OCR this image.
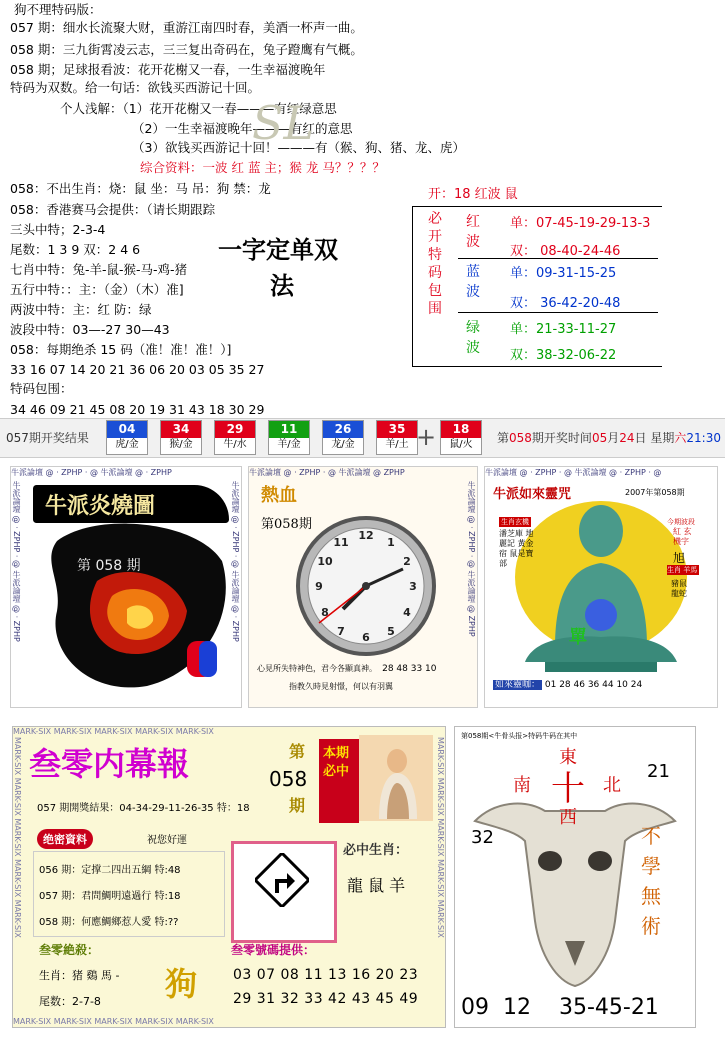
狗不理特码版：
057 期：细水长流聚大财，重游江南四时春，美酒一杯声一曲。
058 期：三九街霄凌云志，三三复出奇码在，兔子蹬鹰有气概。
058 期；足球报看波：花开花榭又一春，一生幸福渡晚年
特码为双数。给一句话：欲钱买西游记十回。
个人浅解：（1）花开花榭又一春———有红绿意思
（2）一生幸福渡晚年———有红的意思
（3）欲钱买西游记十回！———有（猴、狗、猪、龙、虎）
综合资料：一波 红 蓝 主；猴 龙 马？？？？
SL
058：不出生肖：烧：鼠 坐：马 吊：狗 禁：龙
058：香港赛马会提供：（请长期跟踪
三头中特；2-3-4
尾数：1 3 9 双：2 4 6
七肖中特：兔-羊-鼠-猴-马-鸡-猪
五行中特：：主：（金）（木）准]
两波中特：主：红 防：绿
波段中特：03—-27 30—43
058：每期绝杀 15 码（准！准！准！）]
33 16 07 14 20 21 36 06 20 03 05 35 27
特码包围：
34 46 09 21 45 08 20 19 31 43 18 30 29
一字定单双
法
开：18 红波 鼠
必开特码包围
红波
单：07-45-19-29-13-3
双： 08-40-24-46
蓝波
单：09-31-15-25
双： 36-42-20-48
绿波
单：21-33-11-27
双：38-32-06-22
057期开奖结果
04
虎/金
34
猴/金
29
牛/水
11
羊/金
26
龙/金
35
羊/土
18
鼠/火
+	第058期开奖时间05月24日 星期六21:30
牛派論壇 @ · ZPHP · @ 牛派論壇 @ · ZPHP
牛派論壇 @ · ZPHP · @ 牛派論壇 @ · ZPHP	牛派論壇 @ · ZPHP · @ 牛派論壇 @ · ZPHP
牛派炎燒圖
第 058 期
鼠
牛派論壇 @ · ZPHP · @ 牛派論壇 @ ZPHP
牛派論壇 @ · ZPHP · @ 牛派論壇 @ ZPHP
熱血
第058期
12
3
6
9
1
2
4
5
7
8
10
11
心見所失特神色，君今各顯真神。 28 48 33 10
指教久時見射憬，何以有羽翼
牛派論壇 @ · ZPHP · @ 牛派論壇 @ · ZPHP · @
牛派如來靈咒	2007年第058期
生肖玄機
潘芝庫 地麗記 黃金宿 鼠是寶部
今期波段
紅 玄機字
旭
生肖 羊馬
豬鼠 龍蛇
單
如來靈咖： 01 28 46 36 44 10 24
MARK-SIX MARK-SIX MARK-SIX MARK-SIX MARK-SIX
MARK-SIX MARK-SIX MARK-SIX MARK-SIX MARK-SIX
MARK-SIX MARK-SIX MARK-SIX MARK-SIX MARK-SIX	MARK-SIX MARK-SIX MARK-SIX MARK-SIX MARK-SIX
叁零内幕報	第
058
期
本期必中
057 期開獎結果：04-34-29-11-26-35 特：18
绝密資料	祝您好運
056 期：定撑二四出五綱 特:48
057 期：君問鯛明遠過行 特:18
058 期：何應鯛鄉惹人愛 特:??
必中生肖：
龍 鼠 羊
叁零絶殺：
生肖：猪 鷄 馬 -
尾数：2-7-8 狗
叁零號碼提供：
03 07 08 11 13 16 20 23
29 31 32 33 42 43 45 49
第058期<牛骨头报>特码牛码在其中
東
南 十 北
西
21
32	不學無術
09  12    35-45-21
